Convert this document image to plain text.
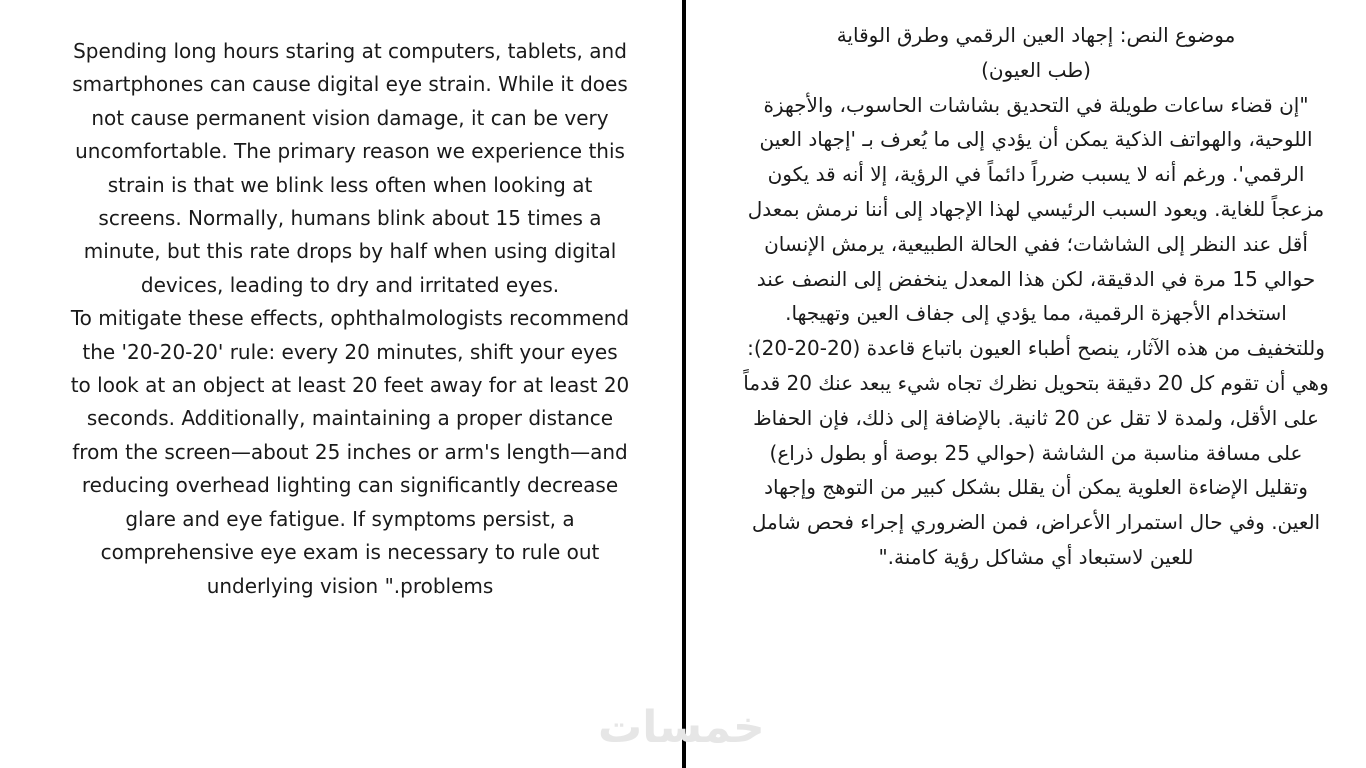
Spending long hours staring at computers, tablets, and smartphones can cause digital eye strain. While it does not cause permanent vision damage, it can be very uncomfortable. The primary reason we experience this strain is that we blink less often when looking at screens. Normally, humans blink about 15 times a minute, but this rate drops by half when using digital devices, leading to dry and irritated eyes.

To mitigate these effects, ophthalmologists recommend the '20-20-20' rule: every 20 minutes, shift your eyes to look at an object at least 20 feet away for at least 20 seconds. Additionally, maintaining a proper distance from the screen—about 25 inches or arm's length—and reducing overhead lighting can significantly decrease glare and eye fatigue. If symptoms persist, a comprehensive eye exam is necessary to rule out underlying vision ".problems

موضوع النص: إجهاد العين الرقمي وطرق الوقاية

(طب العيون)

"إن قضاء ساعات طويلة في التحديق بشاشات الحاسوب، والأجهزة اللوحية، والهواتف الذكية يمكن أن يؤدي إلى ما يُعرف بـ 'إجهاد العين الرقمي'. ورغم أنه لا يسبب ضرراً دائماً في الرؤية، إلا أنه قد يكون مزعجاً للغاية. ويعود السبب الرئيسي لهذا الإجهاد إلى أننا نرمش بمعدل أقل عند النظر إلى الشاشات؛ ففي الحالة الطبيعية، يرمش الإنسان حوالي 15 مرة في الدقيقة، لكن هذا المعدل ينخفض إلى النصف عند استخدام الأجهزة الرقمية، مما يؤدي إلى جفاف العين وتهيجها.

وللتخفيف من هذه الآثار، ينصح أطباء العيون باتباع قاعدة (20-20-20): وهي أن تقوم كل 20 دقيقة بتحويل نظرك تجاه شيء يبعد عنك 20 قدماً على الأقل، ولمدة لا تقل عن 20 ثانية. بالإضافة إلى ذلك، فإن الحفاظ على مسافة مناسبة من الشاشة (حوالي 25 بوصة أو بطول ذراع) وتقليل الإضاءة العلوية يمكن أن يقلل بشكل كبير من التوهج وإجهاد العين. وفي حال استمرار الأعراض، فمن الضروري إجراء فحص شامل للعين لاستبعاد أي مشاكل رؤية كامنة."

خمسات
